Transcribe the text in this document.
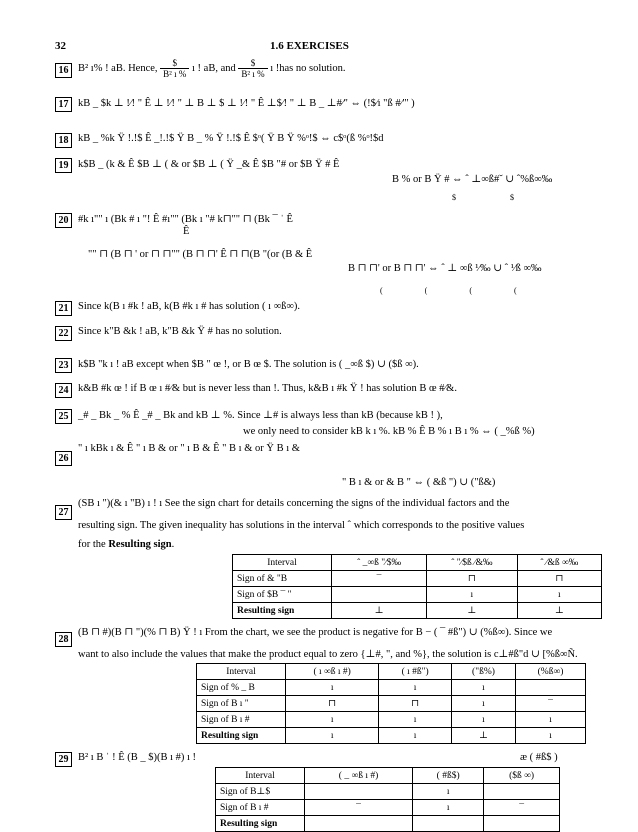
32	1.6 EXERCISES
16 B² ı% ! aB. Hence, $\frac{\$}{\text{B² ı \%}}$ ı ! aB, and $\frac{\$}{\text{B² ı \%}}$ ı !has no solution.
17 kB _ $k ⊥ !⁄! " Ê ⊥ !⁄! " ⊥ B ⊥ $ ⊥ !⁄! " Ê ⊥$⁄! " ⊥ B _ ⊥#⁄" ⇔ (!$⁄ı "ß #⁄"' )
18 kB _ %k Ÿ !.!$ Ê _!.!$ Ÿ B _ % Ÿ !.!$ Ê $ᵒ( Ÿ B Ÿ %ᵒ!$ ⇔ c$ᵒ(ß %ᵒ!$d
19 k$B _ (k & Ê $B ⊥ ( & or $B ⊥ ( Ÿ _& Ê $B "# or $B Ÿ # Ê
B % or B Ÿ # ⇔ ˆ ⊥∞ß#˘ ∪ ˆ%ß∞‰
$	$
20 #k ı"" ı (Bk # ı "! Ê #ı"" (Bk ı "# k⊓"" ⊓ (Bk ¯ ˈ Ê
Ê
"" ⊓ (B ⊓ ' or ⊓ ⊓"" (B ⊓ ⊓' Ê ⊓ ⊓(B "(or (B & Ê
B ⊓ ⊓' or B ⊓ ⊓' ⇔ ˆ ⊥ ∞ß ¹⁄‰ ∪ ˆ ¹⁄ß ∞‰
( ( ( (
21 Since k(B ı #k ! aB, k(B #k ı # has solution ( ı ∞ß∞).
22 Since k"B &k ! aB, k"B &k Ÿ # has no solution.
23 k$B "k ı ! aB except when $B " œ !, or B œ $. The solution is ( _∞ß $) ∪ ($ß ∞).
24 k&B #k œ ! if B œ ı #⁄& but is never less than !. Thus, k&B ı #k Ÿ ! has solution B œ #⁄&.
25 _# _ Bk _ % Ê _# _ Bk and kB ⊥ %. Since ⊥# is always less than kB (because kB ! ),
we only need to consider kB k ı %. kB % Ê B % ı B ı % ⇔ ( _%ß %)
26
" ı kBk ı & Ê " ı B & or " ı B & Ê " B ı & or Ÿ B ı &
" B ı & or & B " ⇔ ( &ß ") ∪ ("ß&)
27
(SB ı ")(& ı "B) ı ! ı See the sign chart for details concerning the signs of the individual factors and the
resulting sign. The given inequality has solutions in the interval ˆ which corresponds to the positive values
for the Resulting sign.
Interval	ˆ _∞ß "⁄$‰	ˆ "⁄$ß ⁄&‰	ˆ ⁄&ß ∞‰
Sign of & "B	¯	⊓	⊓
Sign of $B ¯ "		ı	ı
Resulting sign	⊥	⊥	⊥
28
(B ⊓ #)(B ⊓ ")(% ⊓ B) Ÿ ! ı From the chart, we see the product is negative for B − ( ¯ #ß") ∪ (%ß∞). Since we
want to also include the values that make the product equal to zero {⊥#, ", and %}, the solution is c⊥#ß"d ∪ [%ß∞Ñ.
Interval	( ı ∞ß ı #)	( ı #ß")	("ß%)	(%ß∞)
Sign of % _ B	ı	ı	ı	
Sign of B ı "	⊓	⊓	ı	¯
Sign of B ı #	ı	ı	ı	ı
Resulting sign	ı	ı	⊥	ı
29 B² ı B ˈ ! Ê (B _ $)(B ı #) ı !	æ ( #ß$ )
Interval	( _ ∞ß ı #)	( #ß$)	($ß ∞)
Sign of B⊥$		ı	
Sign of B ı #	¯	ı	¯
Resulting sign			
